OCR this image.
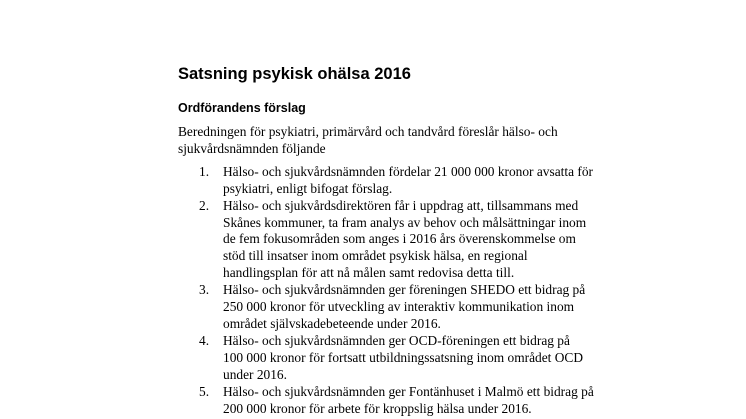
Satsning psykisk ohälsa 2016
Ordförandens förslag

Beredningen för psykiatri, primärvård och tandvård föreslår hälso- och
sjukvårdsnämnden följande

1. Hälso- och sjukvårdsnämnden fördelar 21 000 000 kronor avsatta för
psykiatri, enligt bifogat förslag.
2. Hälso- och sjukvårdsdirektören får i uppdrag att, tillsammans med
Skånes kommuner, ta fram analys av behov och målsättningar inom
de fem fokusområden som anges i 2016 års överenskommelse om
stöd till insatser inom området psykisk hälsa, en regional
handlingsplan för att nå målen samt redovisa detta till.
3. Hälso- och sjukvårdsnämnden ger föreningen SHEDO ett bidrag på
250 000 kronor för utveckling av interaktiv kommunikation inom
området självskadebeteende under 2016.
4. Hälso- och sjukvårdsnämnden ger OCD-föreningen ett bidrag på
100 000 kronor för fortsatt utbildningssatsning inom området OCD
under 2016.
5. Hälso- och sjukvårdsnämnden ger Fontänhuset i Malmö ett bidrag på
200 000 kronor för arbete för kroppslig hälsa under 2016.
